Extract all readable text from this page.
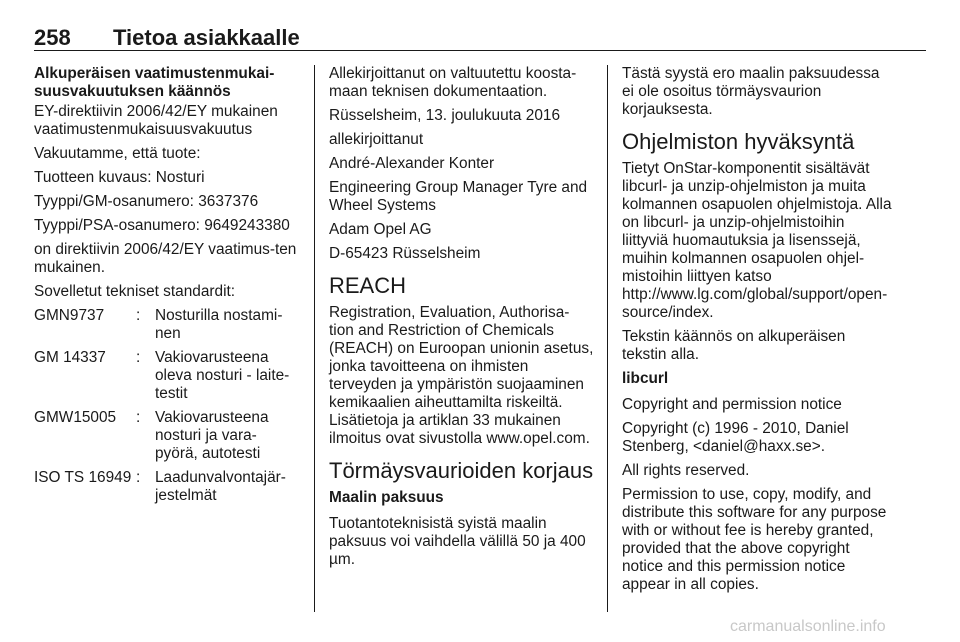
258 Tietoa asiakkaalle
Alkuperäisen vaatimustenmukai-suusvakuutuksen käännös

EY-direktiivin 2006/42/EY mukainen vaatimustenmukaisuusvakuutus

Vakuutamme, että tuote:

Tuotteen kuvaus: Nosturi

Tyyppi/GM-osanumero: 3637376

Tyyppi/PSA-osanumero: 9649243380

on direktiivin 2006/42/EY vaatimus-ten mukainen.

Sovelletut tekniset standardit:

GMN9737	: Nosturilla nostami-nen
GM 14337	: Vakiovarusteena oleva nosturi - laite-testit
GMW15005	: Vakiovarusteena nosturi ja vara-pyörä, autotesti
ISO TS 16949 : Laadunvalvontajär-jestelmät

Allekirjoittanut on valtuutettu koosta-maan teknisen dokumentaation.

Rüsselsheim, 13. joulukuuta 2016

allekirjoittanut

André-Alexander Konter

Engineering Group Manager Tyre and Wheel Systems

Adam Opel AG

D-65423 Rüsselsheim

REACH

Registration, Evaluation, Authorisa-tion and Restriction of Chemicals (REACH) on Euroopan unionin asetus, jonka tavoitteena on ihmisten terveyden ja ympäristön suojaaminen kemikaalien aiheuttamilta riskeiltä. Lisätietoja ja artiklan 33 mukainen ilmoitus ovat sivustolla www.opel.com.

Törmäysvaurioiden korjaus
Maalin paksuus

Tuotantoteknisistä syistä maalin paksuus voi vaihdella välillä 50 ja 400 µm.

Tästä syystä ero maalin paksuudessa ei ole osoitus törmäysvaurion korjauksesta.

Ohjelmiston hyväksyntä

Tietyt OnStar-komponentit sisältävät libcurl- ja unzip-ohjelmiston ja muita kolmannen osapuolen ohjelmistoja. Alla on libcurl- ja unzip-ohjelmistoihin liittyviä huomautuksia ja lisenssejä, muihin kolmannen osapuolen ohjel-mistoihin liittyen katso http://www.lg.com/global/support/open-source/index.

Tekstin käännös on alkuperäisen tekstin alla.

libcurl

Copyright and permission notice

Copyright (c) 1996 - 2010, Daniel Stenberg, <daniel@haxx.se>.

All rights reserved.

Permission to use, copy, modify, and distribute this software for any purpose with or without fee is hereby granted, provided that the above copyright notice and this permission notice appear in all copies.

carmanualsonline.info
